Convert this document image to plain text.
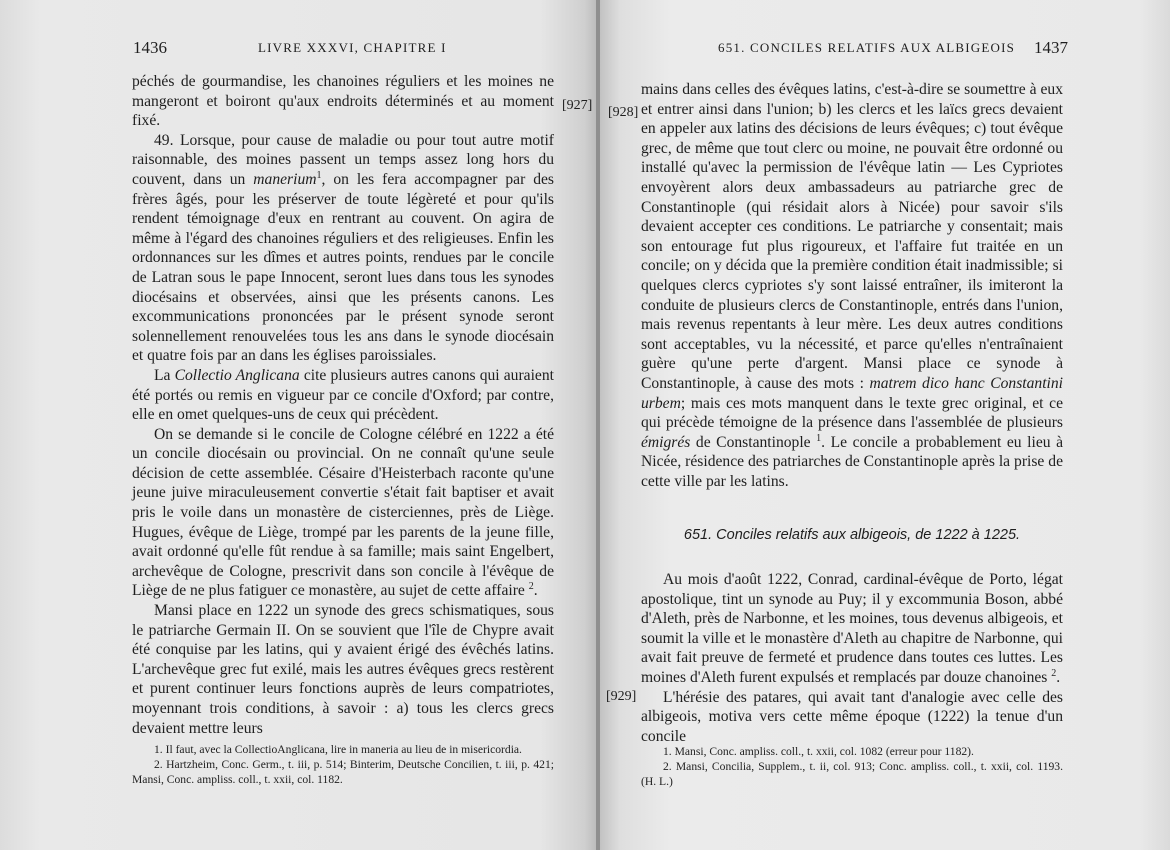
1436	LIVRE XXXVI, CHAPITRE I
[927]

péchés de gourmandise, les chanoines réguliers et les moines ne mangeront et boiront qu'aux endroits déterminés et au moment fixé.

49. Lorsque, pour cause de maladie ou pour tout autre motif raisonnable, des moines passent un temps assez long hors du couvent, dans un manerium$^1$, on les fera accompagner par des frères âgés, pour les préserver de toute légèreté et pour qu'ils rendent témoignage d'eux en rentrant au couvent. On agira de même à l'égard des chanoines réguliers et des religieuses. Enfin les ordonnances sur les dîmes et autres points, rendues par le concile de Latran sous le pape Innocent, seront lues dans tous les synodes diocésains et observées, ainsi que les présents canons. Les excommunications prononcées par le présent synode seront solennellement renouvelées tous les ans dans le synode diocésain et quatre fois par an dans les églises paroissiales.

La Collectio Anglicana cite plusieurs autres canons qui auraient été portés ou remis en vigueur par ce concile d'Oxford; par contre, elle en omet quelques-uns de ceux qui précèdent.

On se demande si le concile de Cologne célébré en 1222 a été un concile diocésain ou provincial. On ne connaît qu'une seule décision de cette assemblée. Césaire d'Heisterbach raconte qu'une jeune juive miraculeusement convertie s'était fait baptiser et avait pris le voile dans un monastère de cisterciennes, près de Liège. Hugues, évêque de Liège, trompé par les parents de la jeune fille, avait ordonné qu'elle fût rendue à sa famille; mais saint Engelbert, archevêque de Cologne, prescrivit dans son concile à l'évêque de Liège de ne plus fatiguer ce monastère, au sujet de cette affaire $^2$.

Mansi place en 1222 un synode des grecs schismatiques, sous le patriarche Germain II. On se souvient que l'île de Chypre avait été conquise par les latins, qui y avaient érigé des évêchés latins. L'archevêque grec fut exilé, mais les autres évêques grecs restèrent et purent continuer leurs fonctions auprès de leurs compatriotes, moyennant trois conditions, à savoir : a) tous les clercs grecs devaient mettre leurs

1. Il faut, avec la CollectioAnglicana, lire in maneria au lieu de in misericordia.

2. Hartzheim, Conc. Germ., t. iii, p. 514; Binterim, Deutsche Concilien, t. iii, p. 421; Mansi, Conc. ampliss. coll., t. xxii, col. 1182.

651. CONCILES RELATIFS AUX ALBIGEOIS 1437
[928]
[929]

mains dans celles des évêques latins, c'est-à-dire se soumettre à eux et entrer ainsi dans l'union; b) les clercs et les laïcs grecs devaient en appeler aux latins des décisions de leurs évêques; c) tout évêque grec, de même que tout clerc ou moine, ne pouvait être ordonné ou installé qu'avec la permission de l'évêque latin — Les Cypriotes envoyèrent alors deux ambassadeurs au patriarche grec de Constantinople (qui résidait alors à Nicée) pour savoir s'ils devaient accepter ces conditions. Le patriarche y consentait; mais son entourage fut plus rigoureux, et l'affaire fut traitée en un concile; on y décida que la première condition était inadmissible; si quelques clercs cypriotes s'y sont laissé entraîner, ils imiteront la conduite de plusieurs clercs de Constantinople, entrés dans l'union, mais revenus repentants à leur mère. Les deux autres conditions sont acceptables, vu la nécessité, et parce qu'elles n'entraînaient guère qu'une perte d'argent. Mansi place ce synode à Constantinople, à cause des mots : matrem dico hanc Constantini urbem; mais ces mots manquent dans le texte grec original, et ce qui précède témoigne de la présence dans l'assemblée de plusieurs émigrés de Constantinople $^1$. Le concile a probablement eu lieu à Nicée, résidence des patriarches de Constantinople après la prise de cette ville par les latins.

651. Conciles relatifs aux albigeois, de 1222 à 1225.

Au mois d'août 1222, Conrad, cardinal-évêque de Porto, légat apostolique, tint un synode au Puy; il y excommunia Boson, abbé d'Aleth, près de Narbonne, et les moines, tous devenus albigeois, et soumit la ville et le monastère d'Aleth au chapitre de Narbonne, qui avait fait preuve de fermeté et prudence dans toutes ces luttes. Les moines d'Aleth furent expulsés et remplacés par douze chanoines $^2$.

L'hérésie des patares, qui avait tant d'analogie avec celle des albigeois, motiva vers cette même époque (1222) la tenue d'un concile

1. Mansi, Conc. ampliss. coll., t. xxii, col. 1082 (erreur pour 1182).

2. Mansi, Concilia, Supplem., t. ii, col. 913; Conc. ampliss. coll., t. xxii, col. 1193. (H. L.)
